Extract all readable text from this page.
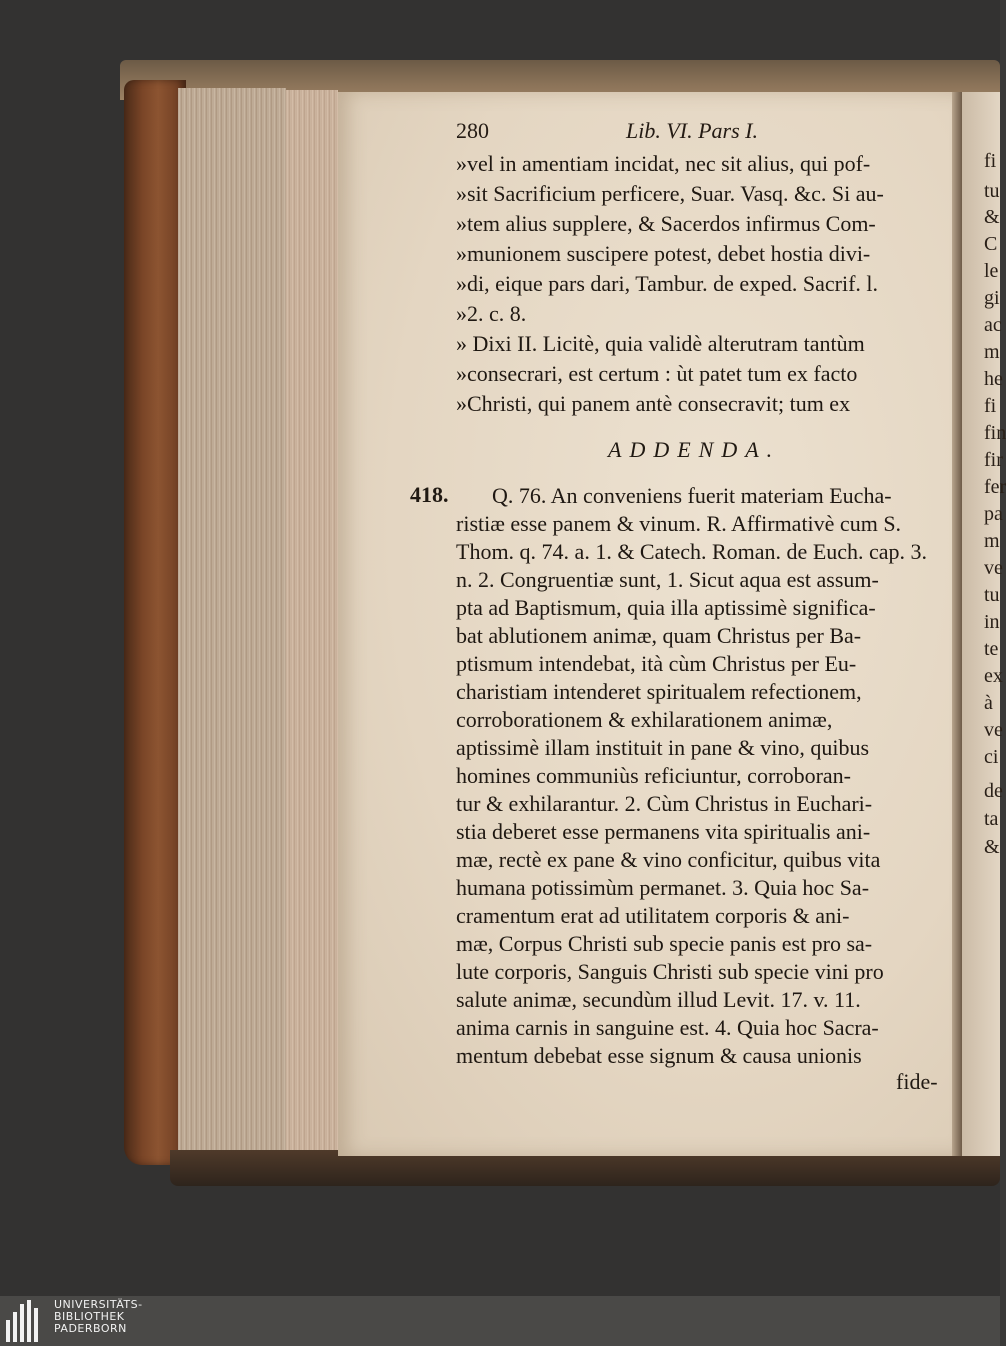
280	Lib. VI. Pars I.
»vel in amentiam incidat, nec sit alius, qui pof-
»sit Sacrificium perficere, Suar. Vasq. &c. Si au-
»tem alius supplere, & Sacerdos infirmus Com-
»munionem suscipere potest, debet hostia divi-
»di, eique pars dari, Tambur. de exped. Sacrif. l.
»2. c. 8.
» Dixi II. Licitè, quia validè alterutram tantùm
»consecrari, est certum : ùt patet tum ex facto
»Christi, qui panem antè consecravit; tum ex
ADDENDA.
418. Q. 76. An conveniens fuerit materiam Eucha-
ristiæ esse panem & vinum. R. Affirmativè cum S.
Thom. q. 74. a. 1. & Catech. Roman. de Euch. cap. 3.
n. 2. Congruentiæ sunt, 1. Sicut aqua est assum-
pta ad Baptismum, quia illa aptissimè significa-
bat ablutionem animæ, quam Christus per Ba-
ptismum intendebat, ità cùm Christus per Eu-
charistiam intenderet spiritualem refectionem,
corroborationem & exhilarationem animæ,
aptissimè illam instituit in pane & vino, quibus
homines communiùs reficiuntur, corroboran-
tur & exhilarantur. 2. Cùm Christus in Euchari-
stia deberet esse permanens vita spiritualis ani-
mæ, rectè ex pane & vino conficitur, quibus vita
humana potissimùm permanet. 3. Quia hoc Sa-
cramentum erat ad utilitatem corporis & ani-
mæ, Corpus Christi sub specie panis est pro sa-
lute corporis, Sanguis Christi sub specie vini pro
salute animæ, secundùm illud Levit. 17. v. 11.
anima carnis in sanguine est. 4. Quia hoc Sacra-
mentum debebat esse signum & causa unionis
fide-
fi
tu
&
C
le
gi
ac
m
he
fi
fin
fir
fer
pa
m
ve
tu
in
te
ex
à
ve
ci
de
ta
&
UNIVERSITÄTS-
BIBLIOTHEK
PADERBORN
